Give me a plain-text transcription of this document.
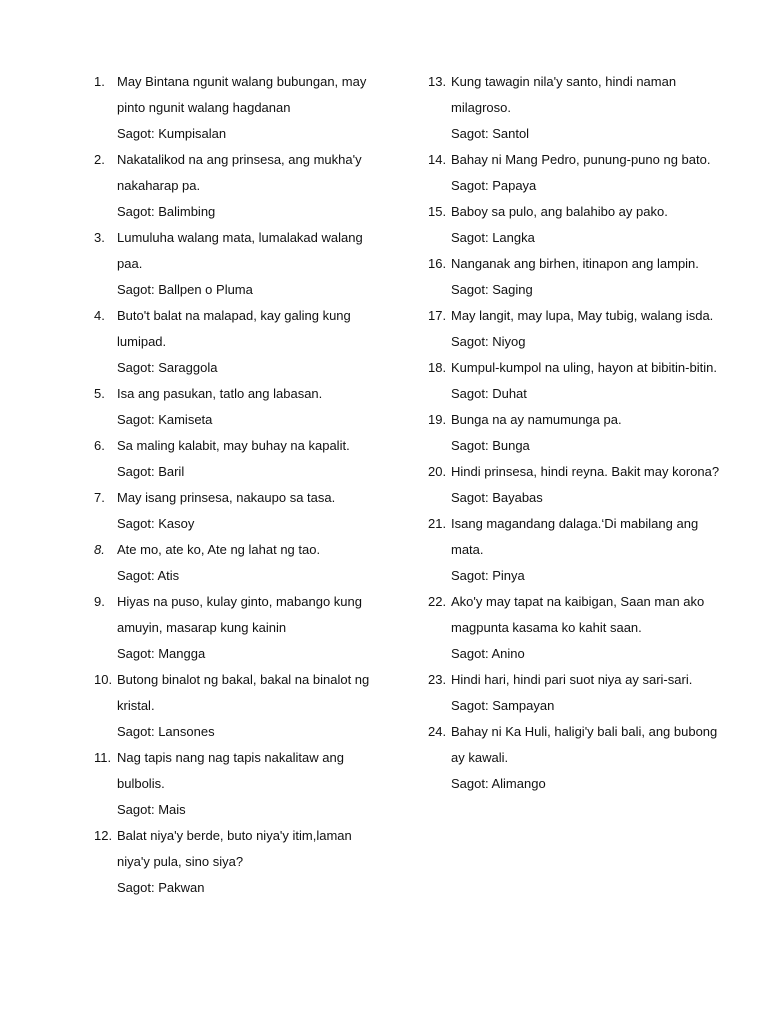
1. May Bintana ngunit walang bubungan, may pinto ngunit walang hagdanan
Sagot: Kumpisalan
2. Nakatalikod na ang prinsesa, ang mukha'y nakaharap pa.
Sagot: Balimbing
3. Lumuluha walang mata, lumalakad walang paa.
Sagot: Ballpen o Pluma
4. Buto't balat na malapad, kay galing kung lumipad.
Sagot: Saraggola
5. Isa ang pasukan, tatlo ang labasan.
Sagot: Kamiseta
6. Sa maling kalabit, may buhay na kapalit.
Sagot: Baril
7. May isang prinsesa, nakaupo sa tasa.
Sagot: Kasoy
8. Ate mo, ate ko, Ate ng lahat ng tao.
Sagot: Atis
9. Hiyas na puso, kulay ginto, mabango kung amuyin, masarap kung kainin
Sagot: Mangga
10. Butong binalot ng bakal, bakal na binalot ng kristal.
Sagot: Lansones
11. Nag tapis nang nag tapis nakalitaw ang bulbolis.
Sagot: Mais
12. Balat niya'y berde, buto niya'y itim,laman niya'y pula, sino siya?
Sagot: Pakwan
13. Kung tawagin nila'y santo, hindi naman milagroso.
Sagot: Santol
14. Bahay ni Mang Pedro, punung-puno ng bato.
Sagot: Papaya
15. Baboy sa pulo, ang balahibo ay pako.
Sagot: Langka
16. Nanganak ang birhen, itinapon ang lampin.
Sagot: Saging
17. May langit, may lupa, May tubig, walang isda.
Sagot: Niyog
18. Kumpul-kumpol na uling, hayon at bibitin-bitin.
Sagot: Duhat
19. Bunga na ay namumunga pa.
Sagot: Bunga
20. Hindi prinsesa, hindi reyna. Bakit may korona?
Sagot: Bayabas
21. Isang magandang dalaga.‘Di mabilang ang mata.
Sagot: Pinya
22. Ako'y may tapat na kaibigan, Saan man ako magpunta kasama ko kahit saan.
Sagot: Anino
23. Hindi hari, hindi pari suot niya ay sari-sari.
Sagot: Sampayan
24. Bahay ni Ka Huli, haligi'y bali bali, ang bubong ay kawali.
Sagot: Alimango
